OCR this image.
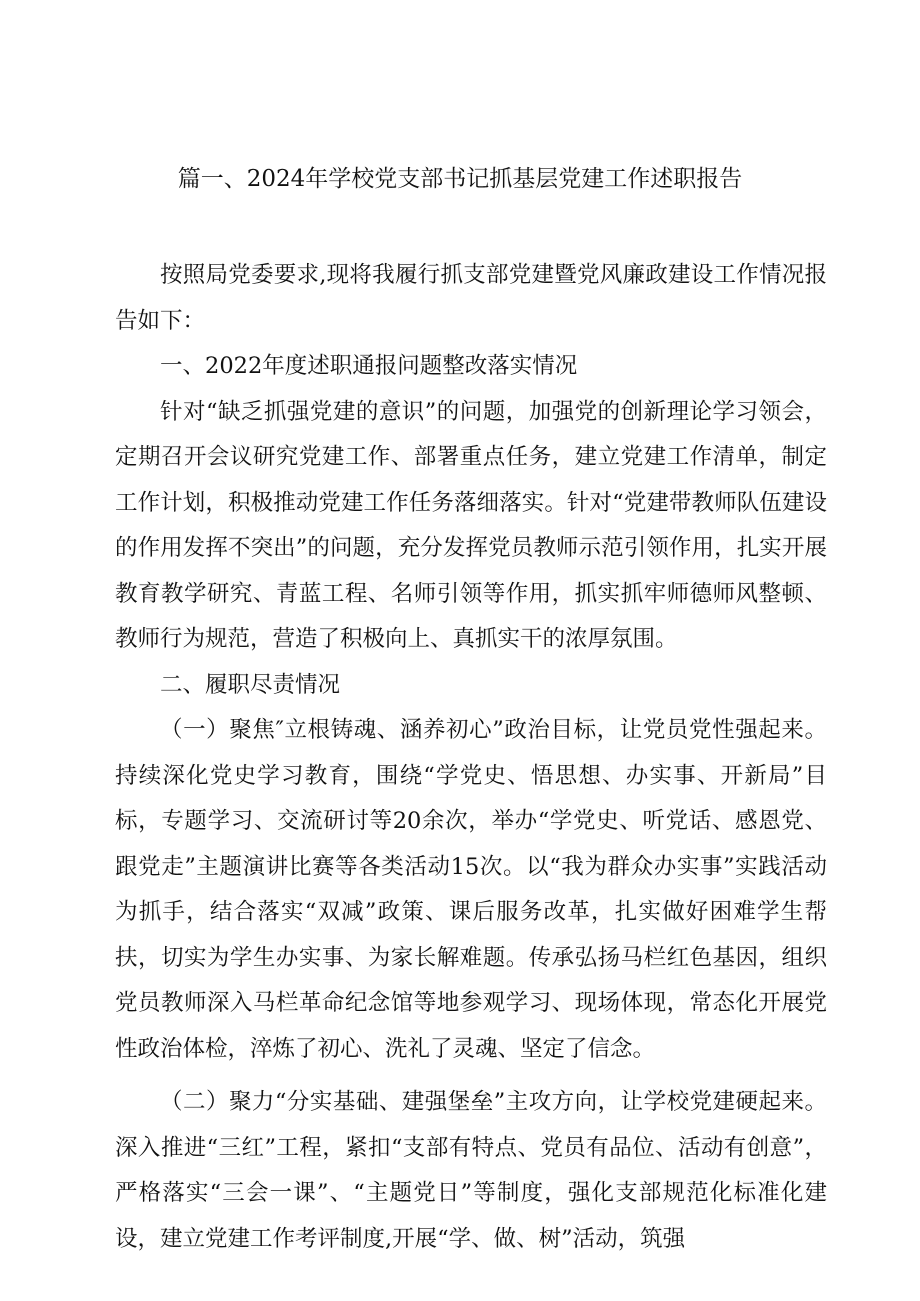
篇一、2024年学校党支部书记抓基层党建工作述职报告

按照局党委要求,现将我履行抓支部党建暨党风廉政建设工作情况报告如下：

一、2022年度述职通报问题整改落实情况

针对“缺乏抓强党建的意识”的问题，加强党的创新理论学习领会，定期召开会议研究党建工作、部署重点任务，建立党建工作清单，制定工作计划，积极推动党建工作任务落细落实。针对“党建带教师队伍建设的作用发挥不突出”的问题，充分发挥党员教师示范引领作用，扎实开展教育教学研究、青蓝工程、名师引领等作用，抓实抓牢师德师风整顿、教师行为规范，营造了积极向上、真抓实干的浓厚氛围。

二、履职尽责情况

（一）聚焦″立根铸魂、涵养初心”政治目标，让党员党性强起来。持续深化党史学习教育，围绕“学党史、悟思想、办实事、开新局”目标，专题学习、交流研讨等20余次，举办“学党史、听党话、感恩党、跟党走”主题演讲比赛等各类活动15次。以“我为群众办实事”实践活动为抓手，结合落实“双减”政策、课后服务改革，扎实做好困难学生帮扶，切实为学生办实事、为家长解难题。传承弘扬马栏红色基因，组织党员教师深入马栏革命纪念馆等地参观学习、现场体现，常态化开展党性政治体检，淬炼了初心、洗礼了灵魂、坚定了信念。

（二）聚力“分实基础、建强堡垒”主攻方向，让学校党建硬起来。深入推进“三红”工程，紧扣“支部有特点、党员有品位、活动有创意”，严格落实“三会一课”、“主题党日”等制度，强化支部规范化标准化建设，建立党建工作考评制度,开展“学、做、树”活动，筑强
